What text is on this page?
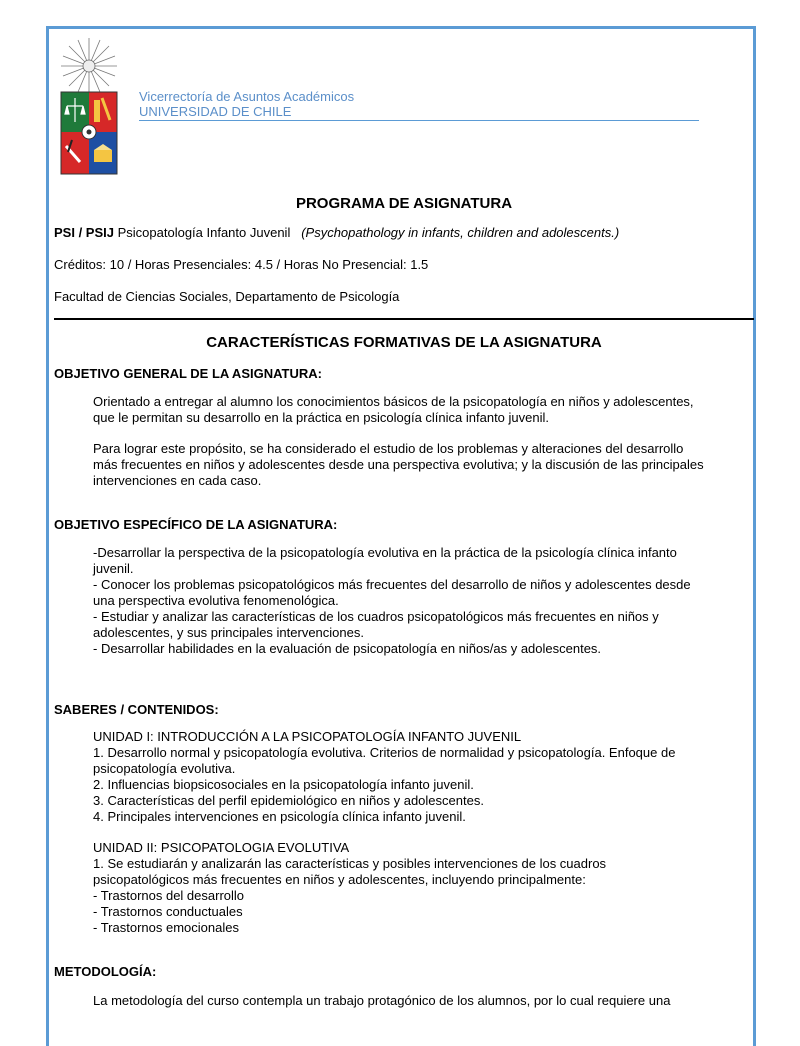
Vicerrectoría de Asuntos Académicos
UNIVERSIDAD DE CHILE
PROGRAMA DE ASIGNATURA
PSI / PSIJ Psicopatología Infanto Juvenil (Psychopathology in infants, children and adolescents.)
Créditos: 10 / Horas Presenciales: 4.5 / Horas No Presencial: 1.5
Facultad de Ciencias Sociales, Departamento de Psicología
CARACTERÍSTICAS FORMATIVAS DE LA ASIGNATURA
OBJETIVO GENERAL DE LA ASIGNATURA:

Orientado a entregar al alumno los conocimientos básicos de la psicopatología en niños y adolescentes,

que le permitan su desarrollo en la práctica en psicología clínica infanto juvenil.

Para lograr este propósito, se ha considerado el estudio de los problemas y alteraciones del desarrollo

más frecuentes en niños y adolescentes desde una perspectiva evolutiva; y la discusión de las principales

intervenciones en cada caso.

OBJETIVO ESPECÍFICO DE LA ASIGNATURA:

-Desarrollar la perspectiva de la psicopatología evolutiva en la práctica de la psicología clínica infanto

juvenil.

- Conocer los problemas psicopatológicos más frecuentes del desarrollo de niños y adolescentes desde

una perspectiva evolutiva fenomenológica.

- Estudiar y analizar las características de los cuadros psicopatológicos más frecuentes en niños y

adolescentes, y sus principales intervenciones.

- Desarrollar habilidades en la evaluación de psicopatología en niños/as y adolescentes.

SABERES / CONTENIDOS:

UNIDAD I: INTRODUCCIÓN A LA PSICOPATOLOGÍA INFANTO JUVENIL

1. Desarrollo normal y psicopatología evolutiva. Criterios de normalidad y psicopatología. Enfoque de

psicopatología evolutiva.

2. Influencias biopsicosociales en la psicopatología infanto juvenil.

3. Características del perfil epidemiológico en niños y adolescentes.

4. Principales intervenciones en psicología clínica infanto juvenil.

UNIDAD II: PSICOPATOLOGIA EVOLUTIVA

1. Se estudiarán y analizarán las características y posibles intervenciones de los cuadros

psicopatológicos más frecuentes en niños y adolescentes, incluyendo principalmente:

- Trastornos del desarrollo

- Trastornos conductuales

- Trastornos emocionales

METODOLOGÍA:

La metodología del curso contempla un trabajo protagónico de los alumnos, por lo cual requiere una
